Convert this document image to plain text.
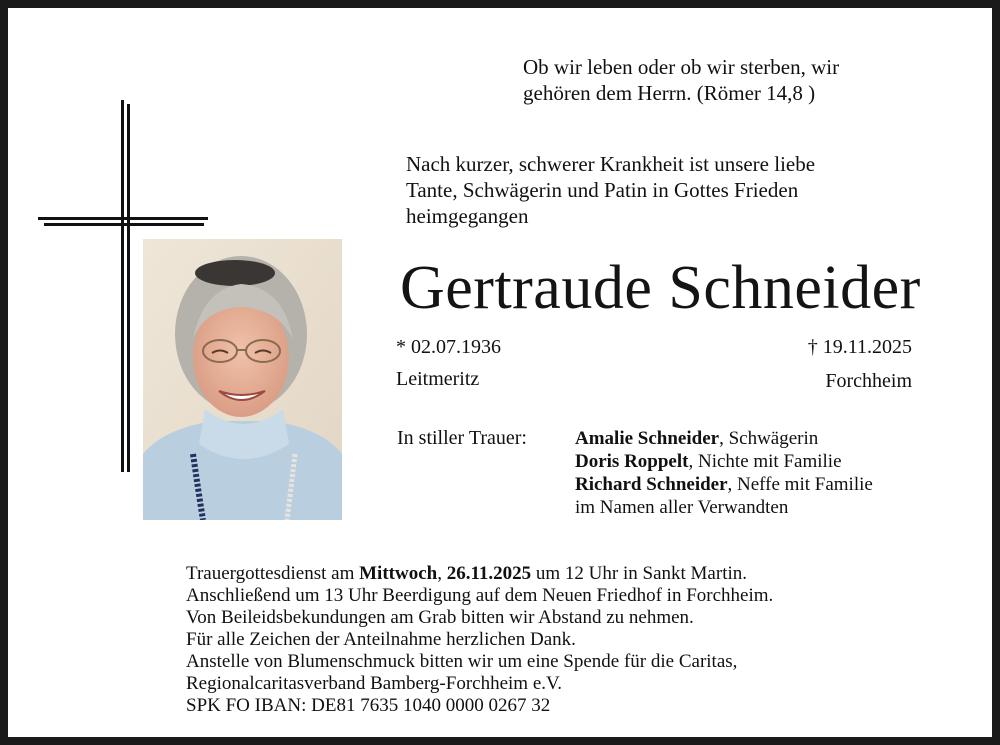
Ob wir leben oder ob wir sterben, wir
gehören dem Herrn. (Römer 14,8 )
Nach kurzer, schwerer Krankheit ist unsere liebe
Tante, Schwägerin und Patin in Gottes Frieden
heimgegangen
Gertraude Schneider
* 02.07.1936	† 19.11.2025
Leitmeritz	Forchheim
In stiller Trauer:	Amalie Schneider, Schwägerin
Doris Roppelt, Nichte mit Familie
Richard Schneider, Neffe mit Familie
im Namen aller Verwandten
Trauergottesdienst am Mittwoch, 26.11.2025 um 12 Uhr in Sankt Martin.
Anschließend um 13 Uhr Beerdigung auf dem Neuen Friedhof in Forchheim.
Von Beileidsbekundungen am Grab bitten wir Abstand zu nehmen.
Für alle Zeichen der Anteilnahme herzlichen Dank.
Anstelle von Blumenschmuck bitten wir um eine Spende für die Caritas,
Regionalcaritasverband Bamberg-Forchheim e.V.
SPK FO IBAN: DE81 7635 1040 0000 0267 32
